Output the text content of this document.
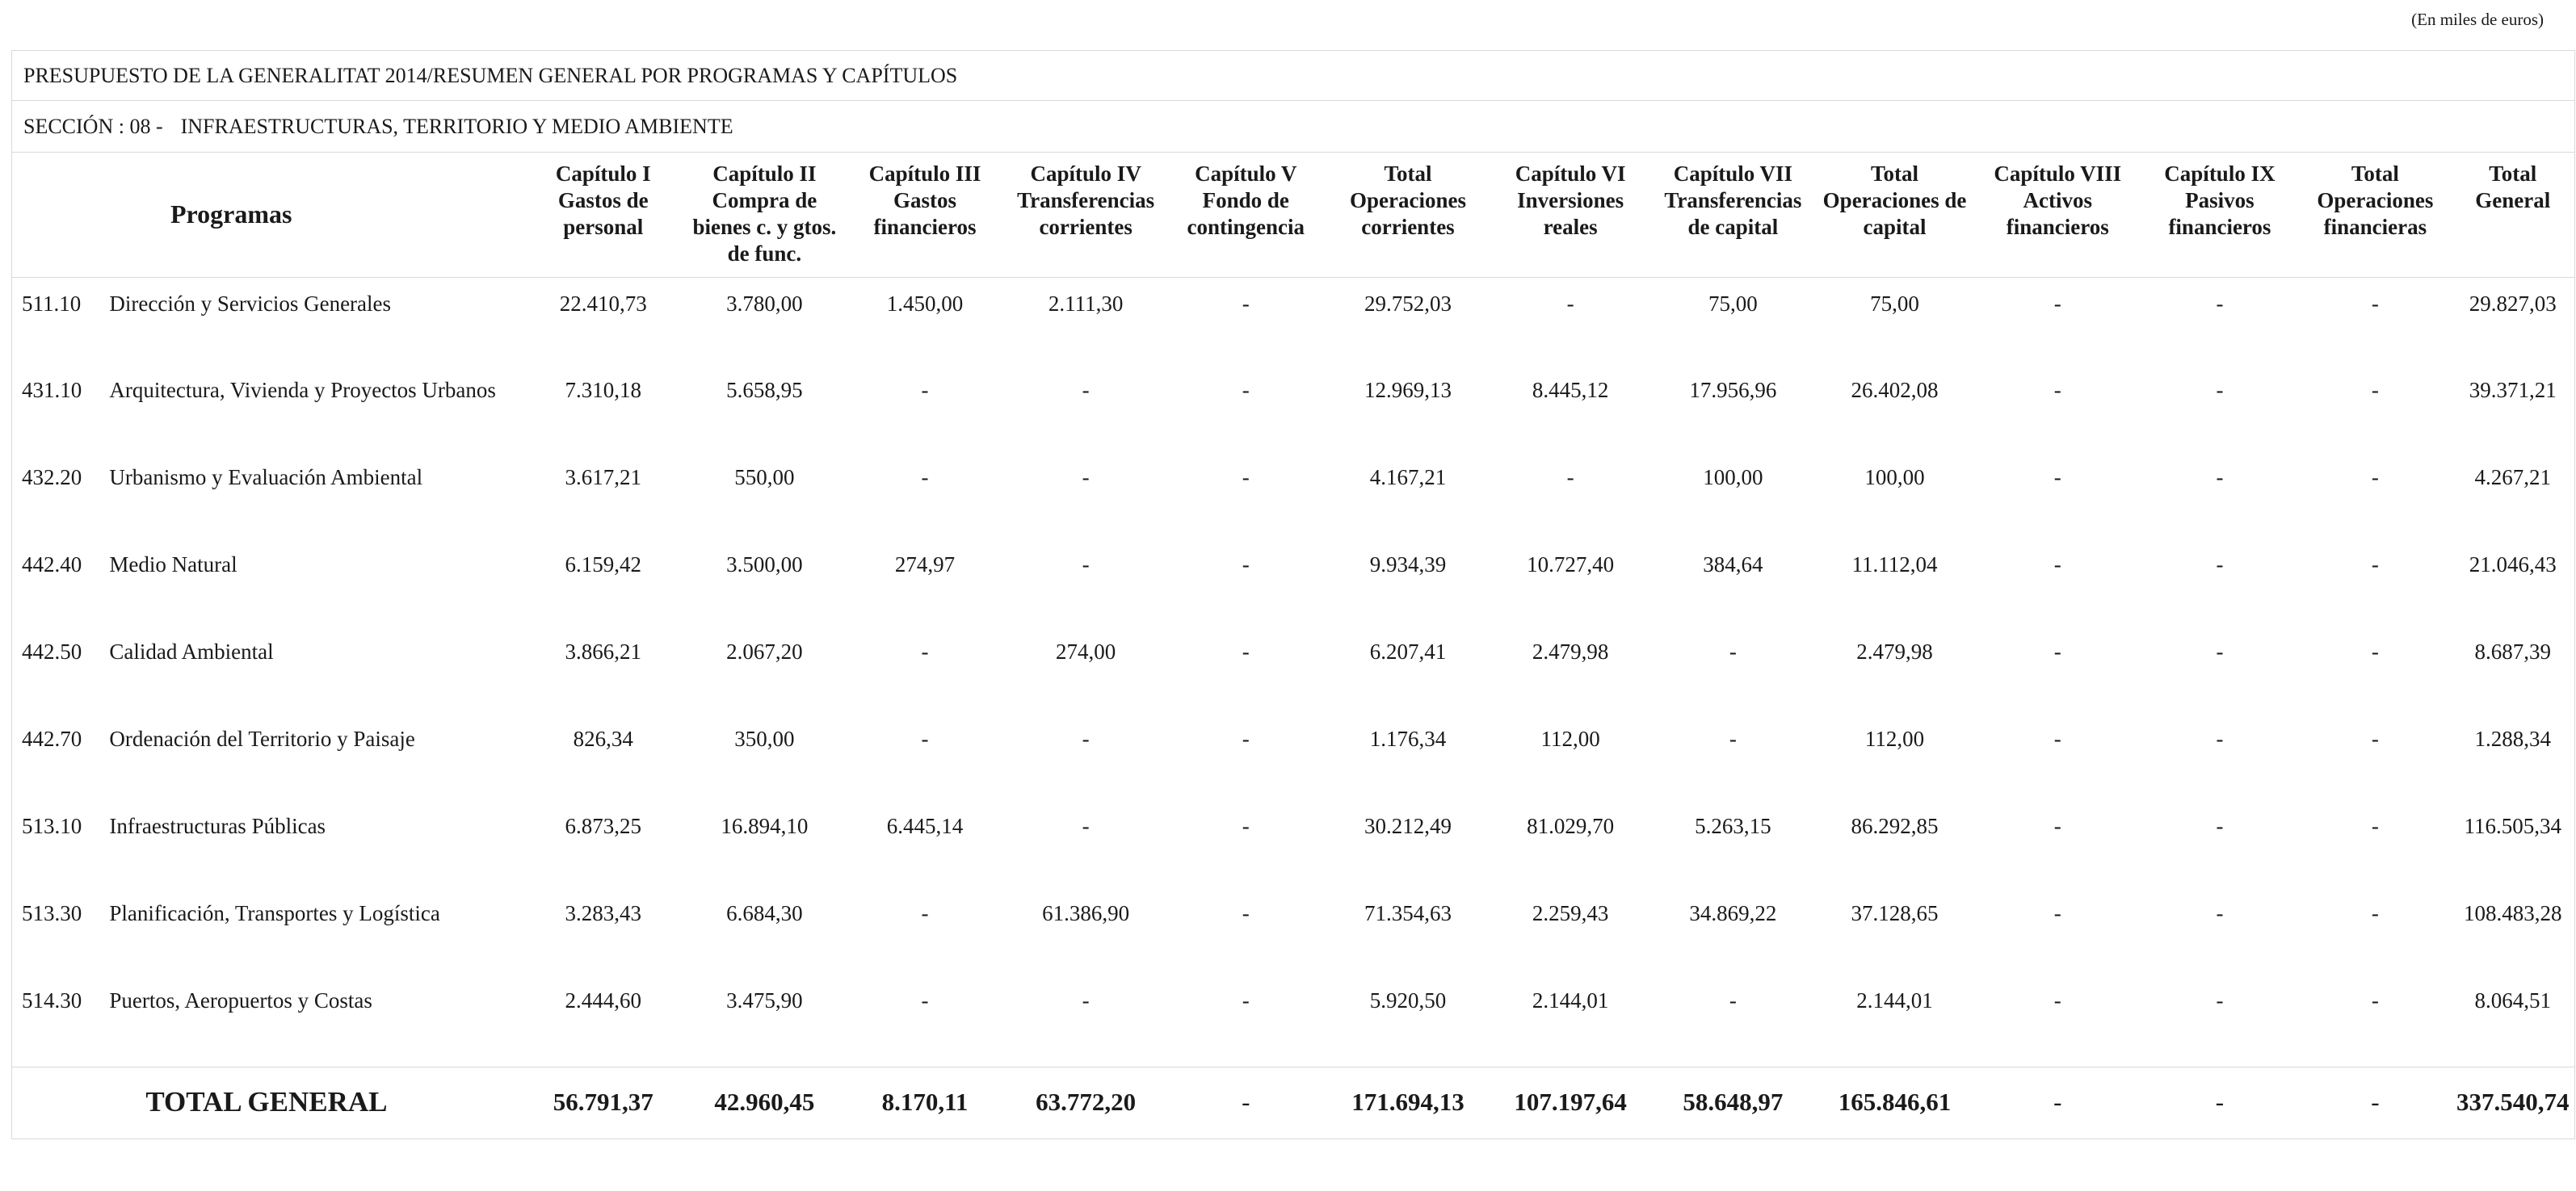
(En miles de euros)
PRESUPUESTO DE LA GENERALITAT 2014/RESUMEN GENERAL POR PROGRAMAS Y CAPÍTULOS
SECCIÓN : 08 - INFRAESTRUCTURAS, TERRITORIO Y MEDIO AMBIENTE
Programas		Capítulo I Gastos de personal	Capítulo II Compra de bienes c. y gtos. de func.	Capítulo III Gastos financieros	Capítulo IV Transferencias corrientes	Capítulo V Fondo de contingencia	Total Operaciones corrientes	Capítulo VI Inversiones reales	Capítulo VII Transferencias de capital	Total Operaciones de capital	Capítulo VIII Activos financieros	Capítulo IX Pasivos financieros	Total Operaciones financieras	Total General
511.10	Dirección y Servicios Generales	22.410,73	3.780,00	1.450,00	2.111,30	-	29.752,03	-	75,00	75,00	-	-	-	29.827,03
431.10	Arquitectura, Vivienda y Proyectos Urbanos	7.310,18	5.658,95	-	-	-	12.969,13	8.445,12	17.956,96	26.402,08	-	-	-	39.371,21
432.20	Urbanismo y Evaluación Ambiental	3.617,21	550,00	-	-	-	4.167,21	-	100,00	100,00	-	-	-	4.267,21
442.40	Medio Natural	6.159,42	3.500,00	274,97	-	-	9.934,39	10.727,40	384,64	11.112,04	-	-	-	21.046,43
442.50	Calidad Ambiental	3.866,21	2.067,20	-	274,00	-	6.207,41	2.479,98	-	2.479,98	-	-	-	8.687,39
442.70	Ordenación del Territorio y Paisaje	826,34	350,00	-	-	-	1.176,34	112,00	-	112,00	-	-	-	1.288,34
513.10	Infraestructuras Públicas	6.873,25	16.894,10	6.445,14	-	-	30.212,49	81.029,70	5.263,15	86.292,85	-	-	-	116.505,34
513.30	Planificación, Transportes y Logística	3.283,43	6.684,30	-	61.386,90	-	71.354,63	2.259,43	34.869,22	37.128,65	-	-	-	108.483,28
514.30	Puertos, Aeropuertos y Costas	2.444,60	3.475,90	-	-	-	5.920,50	2.144,01	-	2.144,01	-	-	-	8.064,51
TOTAL GENERAL		56.791,37	42.960,45	8.170,11	63.772,20	-	171.694,13	107.197,64	58.648,97	165.846,61	-	-	-	337.540,74
